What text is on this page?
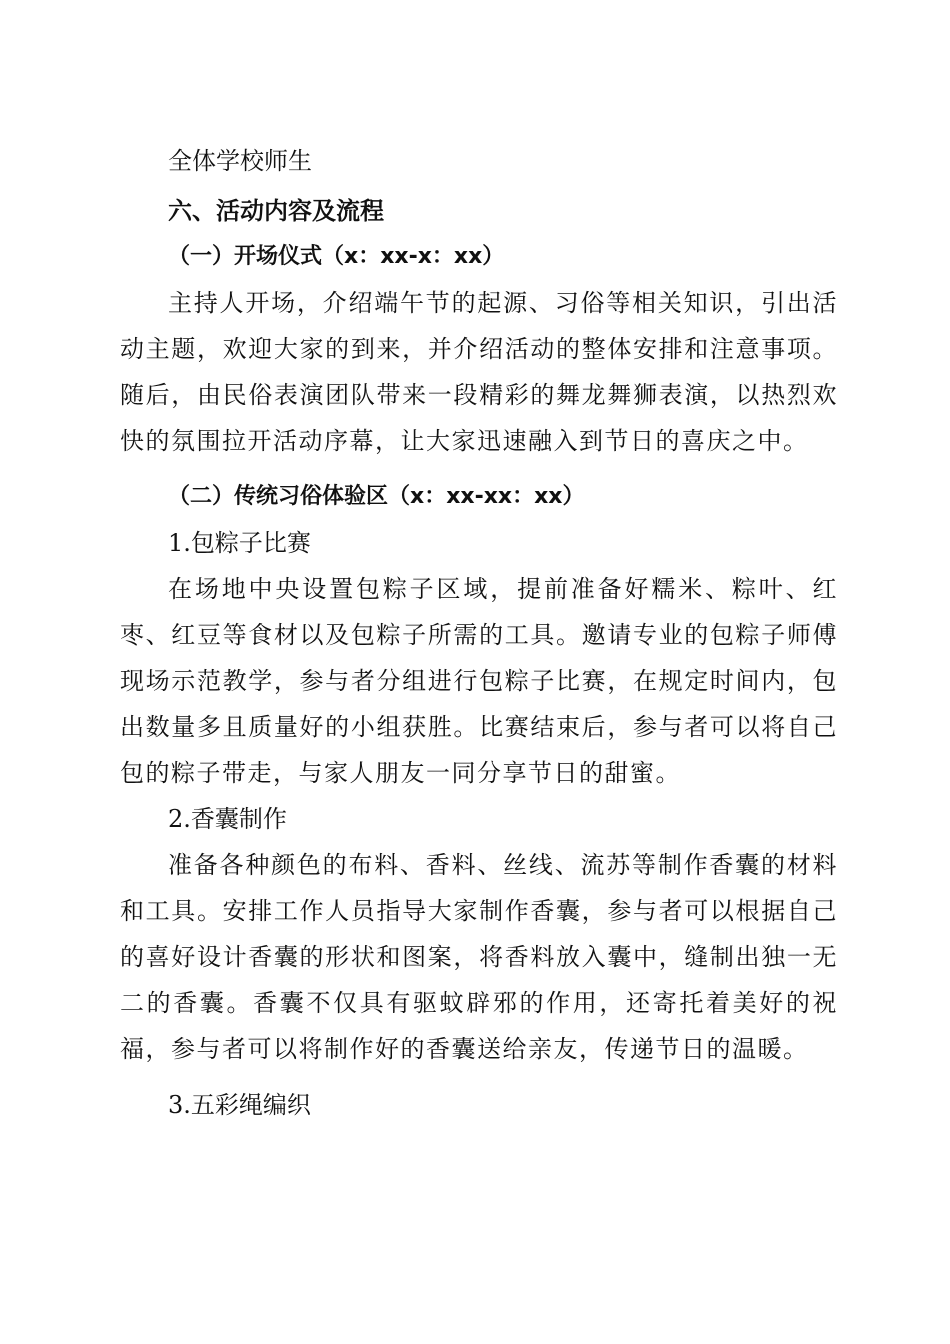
全体学校师生

六、活动内容及流程

（一）开场仪式（x：xx-x：xx）

主持人开场，介绍端午节的起源、习俗等相关知识，引出活动主题，欢迎大家的到来，并介绍活动的整体安排和注意事项。随后，由民俗表演团队带来一段精彩的舞龙舞狮表演，以热烈欢快的氛围拉开活动序幕，让大家迅速融入到节日的喜庆之中。

（二）传统习俗体验区（x：xx-xx：xx）

1.包粽子比赛

在场地中央设置包粽子区域，提前准备好糯米、粽叶、红枣、红豆等食材以及包粽子所需的工具。邀请专业的包粽子师傅现场示范教学，参与者分组进行包粽子比赛，在规定时间内，包出数量多且质量好的小组获胜。比赛结束后，参与者可以将自己包的粽子带走，与家人朋友一同分享节日的甜蜜。

2.香囊制作

准备各种颜色的布料、香料、丝线、流苏等制作香囊的材料和工具。安排工作人员指导大家制作香囊，参与者可以根据自己的喜好设计香囊的形状和图案，将香料放入囊中，缝制出独一无二的香囊。香囊不仅具有驱蚊辟邪的作用，还寄托着美好的祝福，参与者可以将制作好的香囊送给亲友，传递节日的温暖。

3.五彩绳编织
